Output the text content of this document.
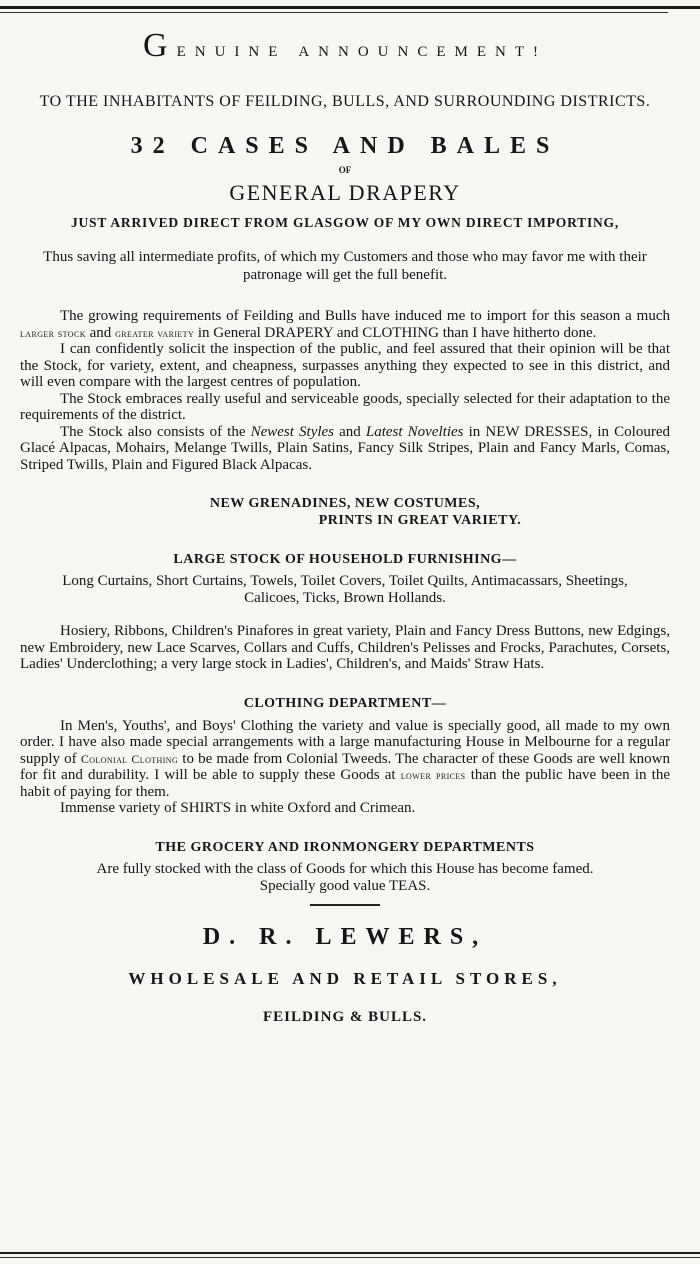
GENUINE ANNOUNCEMENT!
TO THE INHABITANTS OF FEILDING, BULLS, AND SURROUNDING DISTRICTS.
32 CASES AND BALES
OF
GENERAL DRAPERY
JUST ARRIVED DIRECT FROM GLASGOW OF MY OWN DIRECT IMPORTING,
Thus saving all intermediate profits, of which my Customers and those who may favor me with their patronage will get the full benefit.
The growing requirements of Feilding and Bulls have induced me to import for this season a much larger stock and greater variety in General DRAPERY and CLOTHING than I have hitherto done.
I can confidently solicit the inspection of the public, and feel assured that their opinion will be that the Stock, for variety, extent, and cheapness, surpasses anything they expected to see in this district, and will even compare with the largest centres of population.
The Stock embraces really useful and serviceable goods, specially selected for their adaptation to the requirements of the district.
The Stock also consists of the Newest Styles and Latest Novelties in NEW DRESSES, in Coloured Glacé Alpacas, Mohairs, Melange Twills, Plain Satins, Fancy Silk Stripes, Plain and Fancy Marls, Comas, Striped Twills, Plain and Figured Black Alpacas.
NEW GRENADINES, NEW COSTUMES,
PRINTS IN GREAT VARIETY.
LARGE STOCK OF HOUSEHOLD FURNISHING—
Long Curtains, Short Curtains, Towels, Toilet Covers, Toilet Quilts, Antimacassars, Sheetings, Calicoes, Ticks, Brown Hollands.
Hosiery, Ribbons, Children's Pinafores in great variety, Plain and Fancy Dress Buttons, new Edgings, new Embroidery, new Lace Scarves, Collars and Cuffs, Children's Pelisses and Frocks, Parachutes, Corsets, Ladies' Underclothing; a very large stock in Ladies', Children's, and Maids' Straw Hats.
CLOTHING DEPARTMENT—
In Men's, Youths', and Boys' Clothing the variety and value is specially good, all made to my own order. I have also made special arrangements with a large manufacturing House in Melbourne for a regular supply of Colonial Clothing to be made from Colonial Tweeds. The character of these Goods are well known for fit and durability. I will be able to supply these Goods at lower prices than the public have been in the habit of paying for them.
Immense variety of SHIRTS in white Oxford and Crimean.
THE GROCERY AND IRONMONGERY DEPARTMENTS
Are fully stocked with the class of Goods for which this House has become famed. Specially good value TEAS.
D. R. LEWERS,
WHOLESALE AND RETAIL STORES,
FEILDING & BULLS.
